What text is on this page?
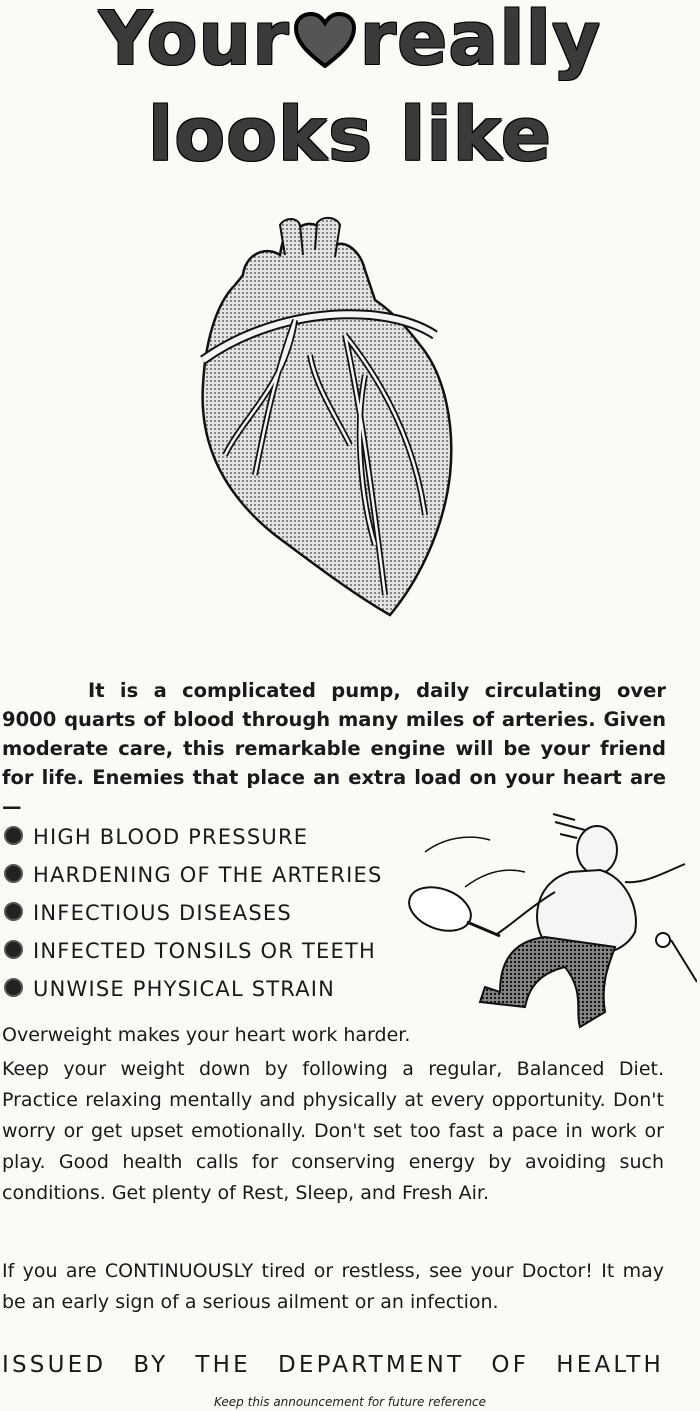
Your really
looks like

It is a complicated pump, daily circulating over 9000 quarts of blood through many miles of arteries. Given moderate care, this remarkable engine will be your friend for life. Enemies that place an extra load on your heart are—

HIGH BLOOD PRESSURE
HARDENING OF THE ARTERIES
INFECTIOUS DISEASES
INFECTED TONSILS OR TEETH
UNWISE PHYSICAL STRAIN

Overweight makes your heart work harder.

Keep your weight down by following a regular, Balanced Diet. Practice relaxing mentally and physically at every opportunity. Don't worry or get upset emotionally. Don't set too fast a pace in work or play. Good health calls for conserving energy by avoiding such conditions. Get plenty of Rest, Sleep, and Fresh Air.

If you are CONTINUOUSLY tired or restless, see your Doctor! It may be an early sign of a serious ailment or an infection.

ISSUED BY THE DEPARTMENT OF HEALTH
Keep this announcement for future reference
